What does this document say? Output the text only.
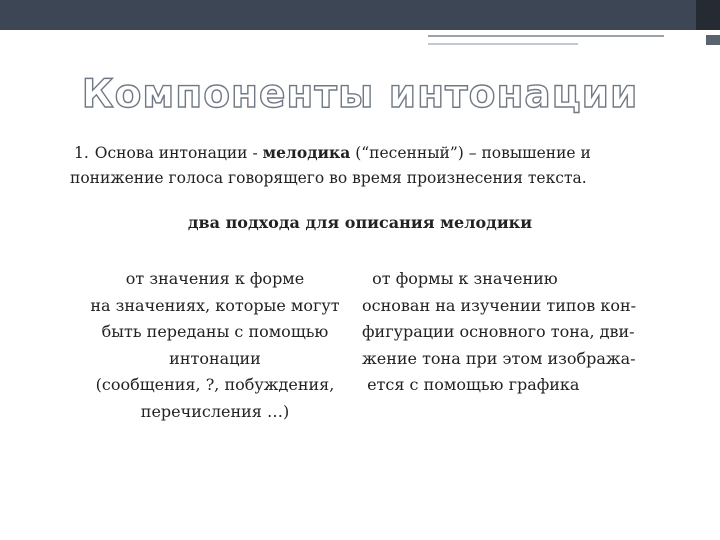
Компоненты интонации
1. Основа интонации - мелодика (“песенный”) – повышение и
понижение голоса говорящего во время произнесения текста.
два подхода для описания мелодики
от значения к форме
на значениях, которые могут
быть переданы с помощью
интонации
(сообщения, ?, побуждения,
перечисления …)
от формы к значению
основан на изучении типов кон-
фигурации основного тона, дви-
жение тона при этом изобража-
ется с помощью графика
